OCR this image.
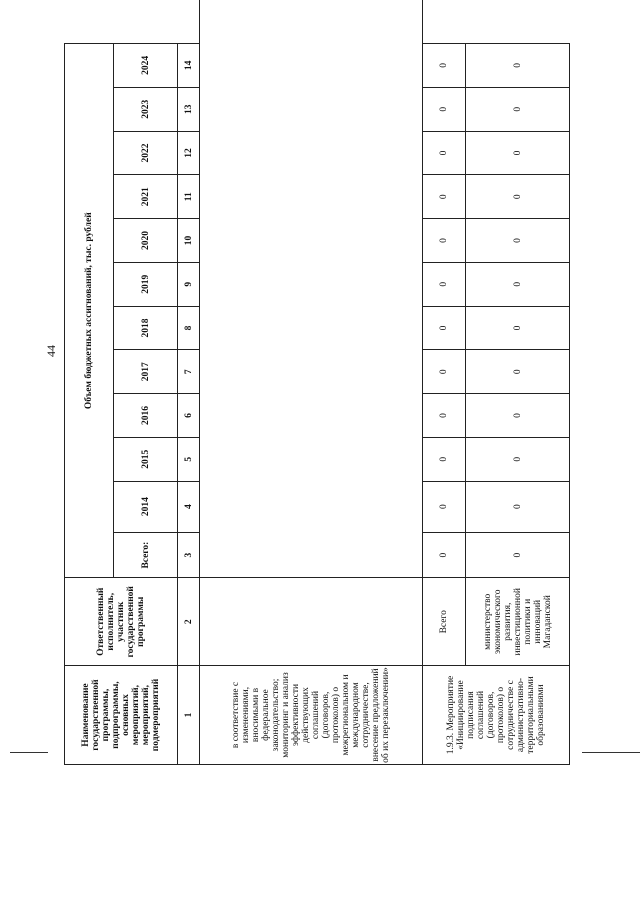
44
Наименование государственной программы, подпрограммы, основных мероприятий, мероприятий, подмероприятий	Ответственный исполнитель, участник государственной программы	Объем бюджетных ассигнований, тыс. рублей											
		Всего:	2014	2015	2016	2017	2018	2019	2020	2021	2022	2023	2024
1	2	3	4	5	6	7	8	9	10	11	12	13	14
в соответствие с изменениями, вносимыми в федеральное законодательство; мониторинг и анализ эффективности действующих соглашений (договоров, протоколов) о межрегиональном и международном сотрудничестве, внесение предложений об их перезаключении»													
1.9.3. Мероприятие «Инициирование подписания соглашений (договоров, протоколов) о сотрудничестве с административно-территориальными образованиями	Всего	0	0	0	0	0	0	0	0	0	0	0	0
	министерство экономического развития, инвестиционной политики и инноваций Магаданской	0	0	0	0	0	0	0	0	0	0	0	0
